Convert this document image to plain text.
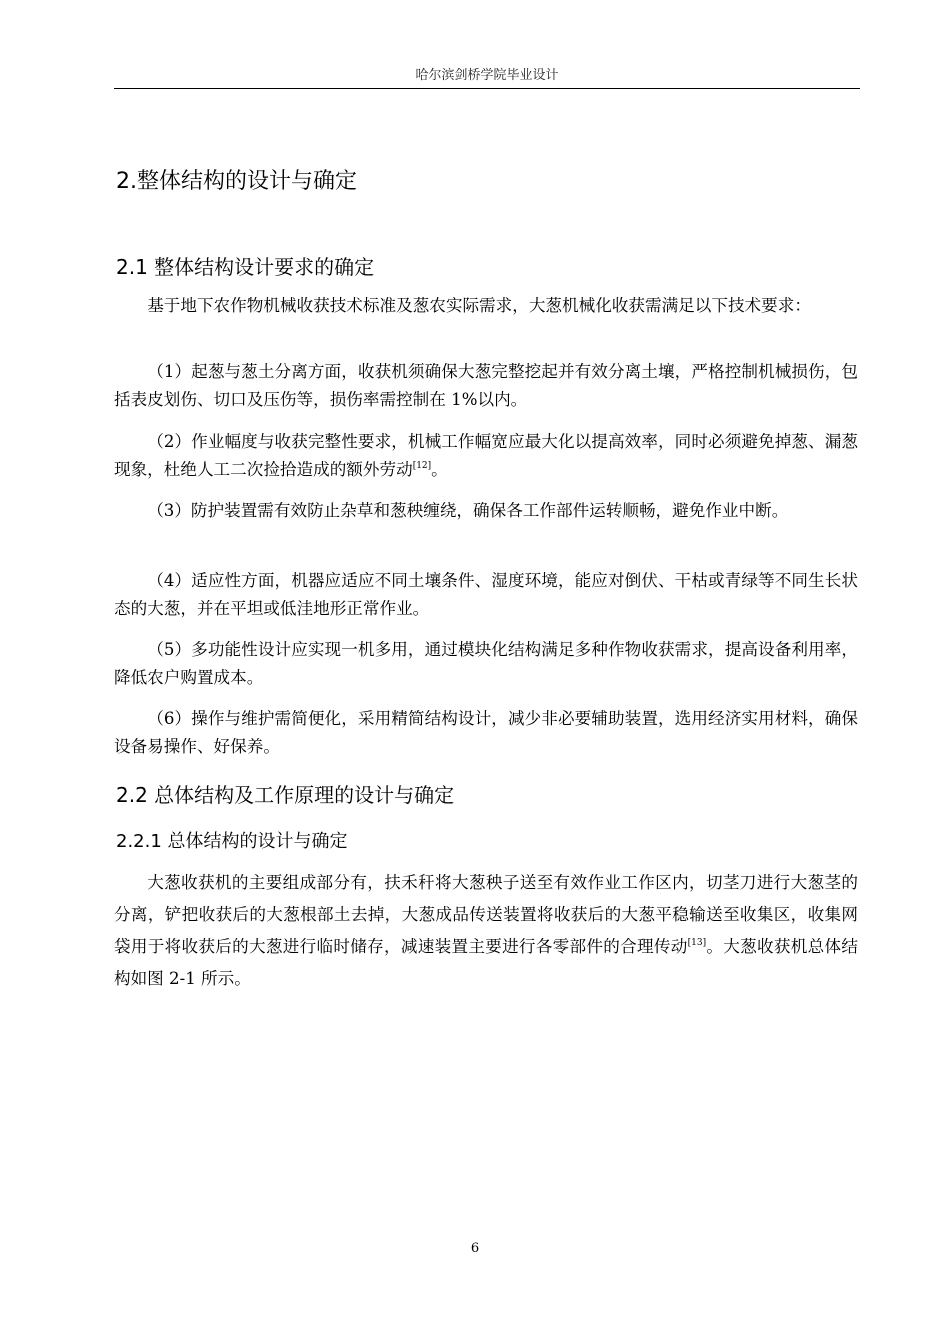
哈尔滨剑桥学院毕业设计
2.整体结构的设计与确定
2.1 整体结构设计要求的确定

基于地下农作物机械收获技术标准及葱农实际需求，大葱机械化收获需满足以下技术要求：

（1）起葱与葱土分离方面，收获机须确保大葱完整挖起并有效分离土壤，严格控制机械损伤，包括表皮划伤、切口及压伤等，损伤率需控制在 1%以内。

（2）作业幅度与收获完整性要求，机械工作幅宽应最大化以提高效率，同时必须避免掉葱、漏葱现象，杜绝人工二次捡拾造成的额外劳动[12]。

（3）防护装置需有效防止杂草和葱秧缠绕，确保各工作部件运转顺畅，避免作业中断。

（4）适应性方面，机器应适应不同土壤条件、湿度环境，能应对倒伏、干枯或青绿等不同生长状态的大葱，并在平坦或低洼地形正常作业。

（5）多功能性设计应实现一机多用，通过模块化结构满足多种作物收获需求，提高设备利用率，降低农户购置成本。

（6）操作与维护需简便化，采用精简结构设计，减少非必要辅助装置，选用经济实用材料，确保设备易操作、好保养。

2.2 总体结构及工作原理的设计与确定
2.2.1 总体结构的设计与确定

大葱收获机的主要组成部分有，扶禾秆将大葱秧子送至有效作业工作区内，切茎刀进行大葱茎的分离，铲把收获后的大葱根部土去掉，大葱成品传送装置将收获后的大葱平稳输送至收集区，收集网袋用于将收获后的大葱进行临时储存，减速装置主要进行各零部件的合理传动[13]。大葱收获机总体结构如图 2-1 所示。

6
